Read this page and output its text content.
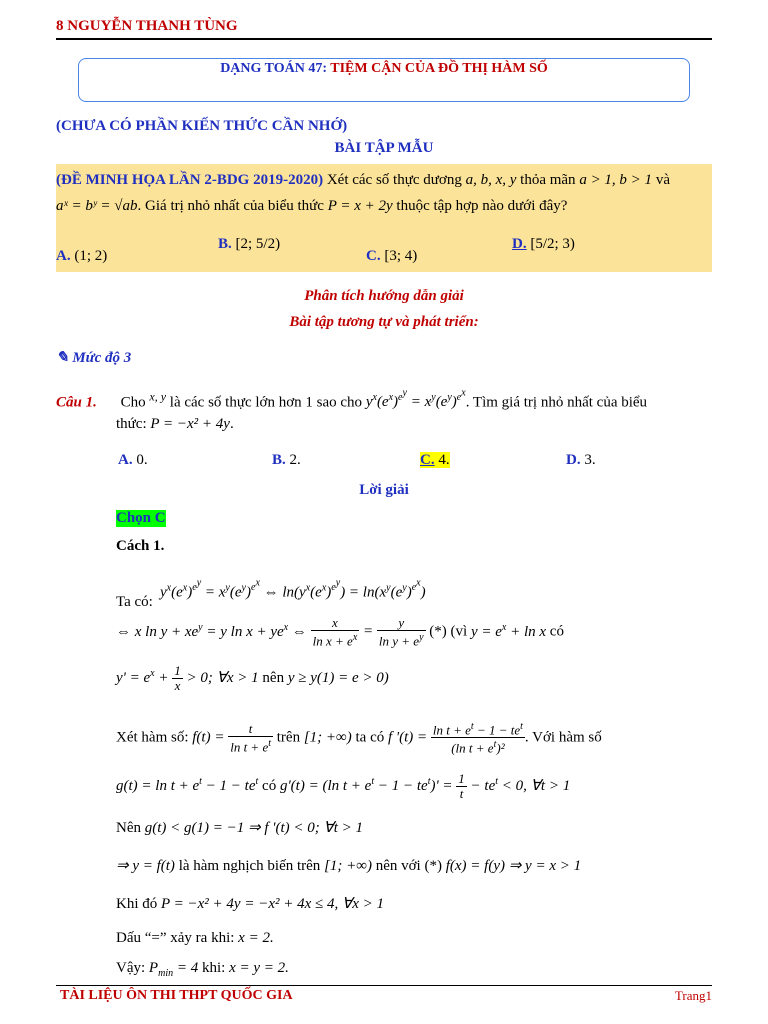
8 NGUYỄN THANH TÙNG
DẠNG TOÁN 47: TIỆM CẬN CỦA ĐỒ THỊ HÀM SỐ
(CHƯA CÓ PHẦN KIẾN THỨC CẦN NHỚ)
BÀI TẬP MẪU
(ĐỀ MINH HỌA LẦN 2-BDG 2019-2020) Xét các số thực dương a, b, x, y thỏa mãn a > 1, b > 1 và
aˣ = bʸ = √ab. Giá trị nhỏ nhất của biểu thức P = x + 2y thuộc tập hợp nào dưới đây?
A. (1; 2)
B. [2; 5/2)
C. [3; 4)
D. [5/2; 3)
Phân tích hướng dẫn giải
Bài tập tương tự và phát triển:
✎ Mức độ 3
Câu 1. Cho $^{x, y}$ là các số thực lớn hơn 1 sao cho $y^x(e^x)^{e^y} = x^y(e^y)^{e^x}$. Tìm giá trị nhỏ nhất của biểu
thức: P = −x² + 4y.
A. 0.	B. 2.	C. 4.	D. 3.
Lời giải
Chọn C
Cách 1.
$y^x(e^x)^{e^y} = x^y(e^y)^{e^x}$ ⇔ $\ln(y^x(e^x)^{e^y}) = \ln(x^y(e^y)^{e^x})$
Ta có:
⇔ x $\ln y + xe^y = y$ $\ln x + ye^x$ ⇔ $\frac{x}{\ln x + e^x} = \frac{y}{\ln y + e^y}$ (*) (vì $y = e^x + \ln x$ có
$y' = e^x + \frac{1}{x} > 0$; ∀x > 1 nên y ≥ y(1) = e > 0)
Xét hàm số: $f(t) = \frac{t}{\ln t + e^t}$ trên [1; +∞) ta có f '$(t) = \frac{\ln t + e^t - 1 - te^t}{(\ln t + e^t)^2}$ . Với hàm số
$g(t) = \ln t + e^t - 1 - te^t$ có g'(t) = (ln $t + e^t - 1 - te^t)' = \frac{1}{t} - te^t < 0$, ∀t > 1
Nên g(t) < g(1) = −1 ⇒ f '(t) < 0; ∀t > 1
⇒ y = f(t) là hàm nghịch biến trên [1; +∞) nên với (*) f(x) = f(y) ⇒ y = x > 1
Khi đó P = −x² + 4y = −x² + 4x ≤ 4, ∀x > 1
Dấu “=” xảy ra khi: x = 2.
Vậy: $P_{min} = 4$ khi: x = y = 2.
TÀI LIỆU ÔN THI THPT QUỐC GIA	Trang1
